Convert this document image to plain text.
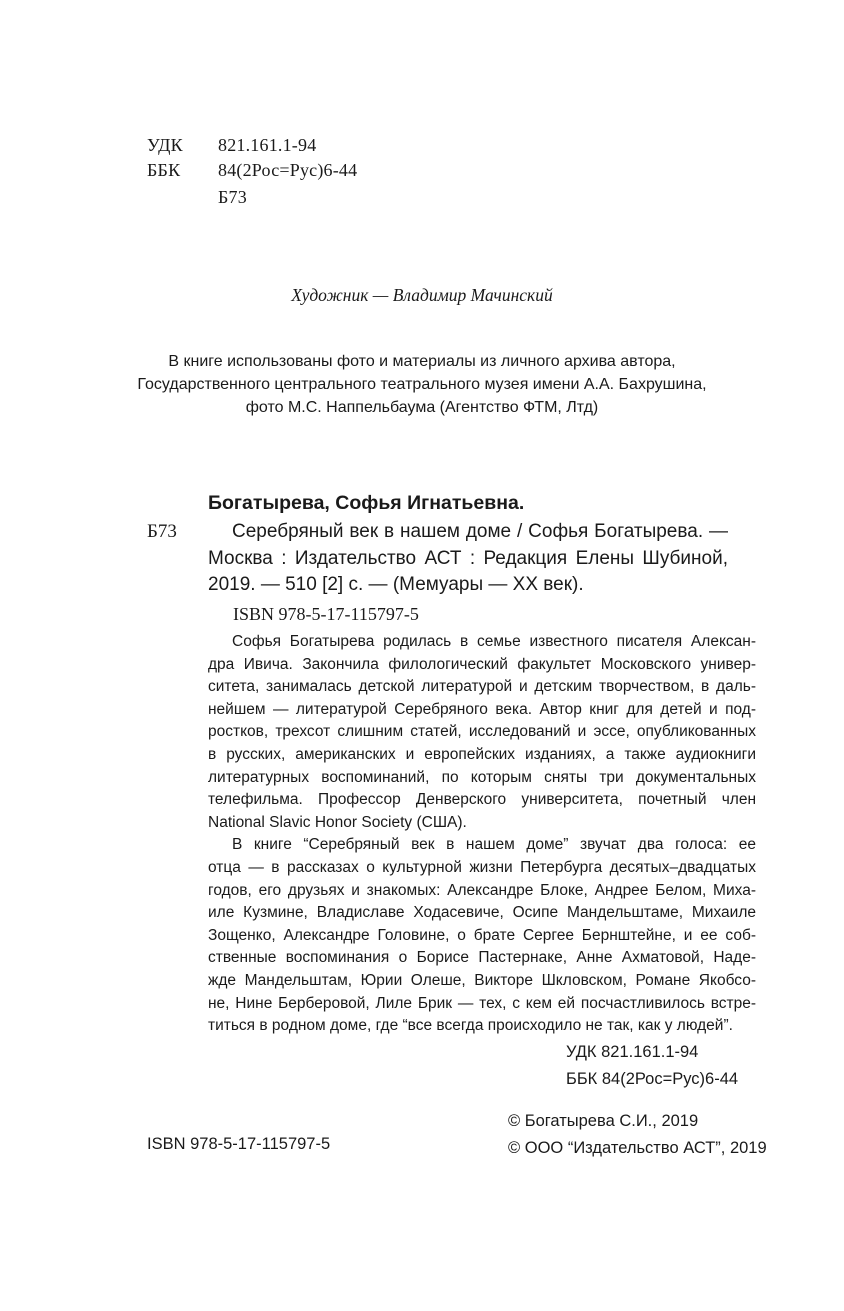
УДК 821.161.1-94
ББК 84(2Рос=Рус)6-44
Б73
Художник — Владимир Мачинский
В книге использованы фото и материалы из личного архива автора,
Государственного центрального театрального музея имени А.А. Бахрушина,
фото М.С. Наппельбаума (Агентство ФТМ, Лтд)
Богатырева, Софья Игнатьевна.
Б73	Серебряный век в нашем доме / Софья Богатырева. —
Москва : Издательство АСТ : Редакция Елены Шубиной,
2019. — 510 [2] с. — (Мемуары — XX век).
ISBN 978-5-17-115797-5
Софья Богатырева родилась в семье известного писателя Алексан-
дра Ивича. Закончила филологический факультет Московского универ-
ситета, занималась детской литературой и детским творчеством, в даль-
нейшем — литературой Серебряного века. Автор книг для детей и под-
ростков, трехсот слишним статей, исследований и эссе, опубликованных
в русских, американских и европейских изданиях, а также аудиокниги
литературных воспоминаний, по которым сняты три документальных
телефильма. Профессор Денверского университета, почетный член
National Slavic Honor Society (США).
В книге “Серебряный век в нашем доме” звучат два голоса: ее
отца — в рассказах о культурной жизни Петербурга десятых–двадцатых
годов, его друзьях и знакомых: Александре Блоке, Андрее Белом, Миха-
иле Кузмине, Владиславе Ходасевиче, Осипе Мандельштаме, Михаиле
Зощенко, Александре Головине, о брате Сергее Бернштейне, и ее соб-
ственные воспоминания о Борисе Пастернаке, Анне Ахматовой, Наде-
жде Мандельштам, Юрии Олеше, Викторе Шкловском, Романе Якобсо-
не, Нине Берберовой, Лиле Брик — тех, с кем ей посчастливилось встре-
титься в родном доме, где “все всегда происходило не так, как у людей”.
УДК 821.161.1-94
ББК 84(2Рос=Рус)6-44
© Богатырева С.И., 2019
© ООО “Издательство АСТ”, 2019
ISBN 978-5-17-115797-5
